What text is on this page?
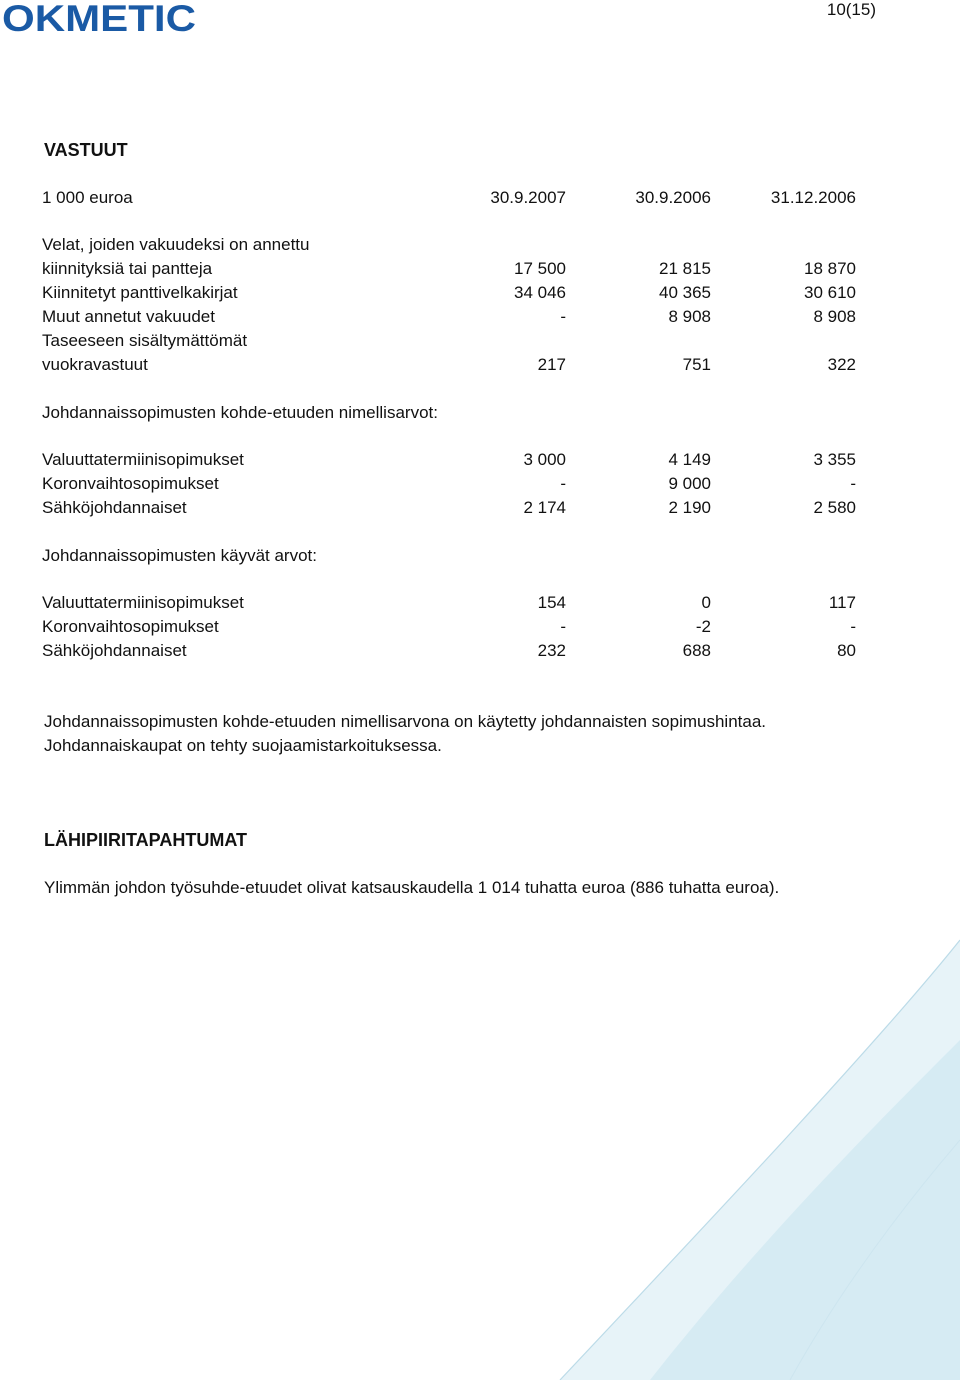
OKMETIC	10(15)
VASTUUT
1 000 euroa	30.9.2007	30.9.2006	31.12.2006
Velat, joiden vakuudeksi on annettu
kiinnityksiä tai pantteja	17 500	21 815	18 870
Kiinnitetyt panttivelkakirjat	34 046	40 365	30 610
Muut annetut vakuudet	-	8 908	8 908
Taseeseen sisältymättömät
vuokravastuut	217	751	322
Johdannaissopimusten kohde-etuuden nimellisarvot:
Valuuttatermiinisopimukset	3 000	4 149	3 355
Koronvaihtosopimukset	-	9 000	-
Sähköjohdannaiset	2 174	2 190	2 580
Johdannaissopimusten käyvät arvot:
Valuuttatermiinisopimukset	154	0	117
Koronvaihtosopimukset	-	-2	-
Sähköjohdannaiset	232	688	80
Johdannaissopimusten kohde-etuuden nimellisarvona on käytetty johdannaisten sopimushintaa.
Johdannaiskaupat on tehty suojaamistarkoituksessa.
LÄHIPIIRITAPAHTUMAT
Ylimmän johdon työsuhde-etuudet olivat katsauskaudella 1 014 tuhatta euroa (886 tuhatta euroa).
